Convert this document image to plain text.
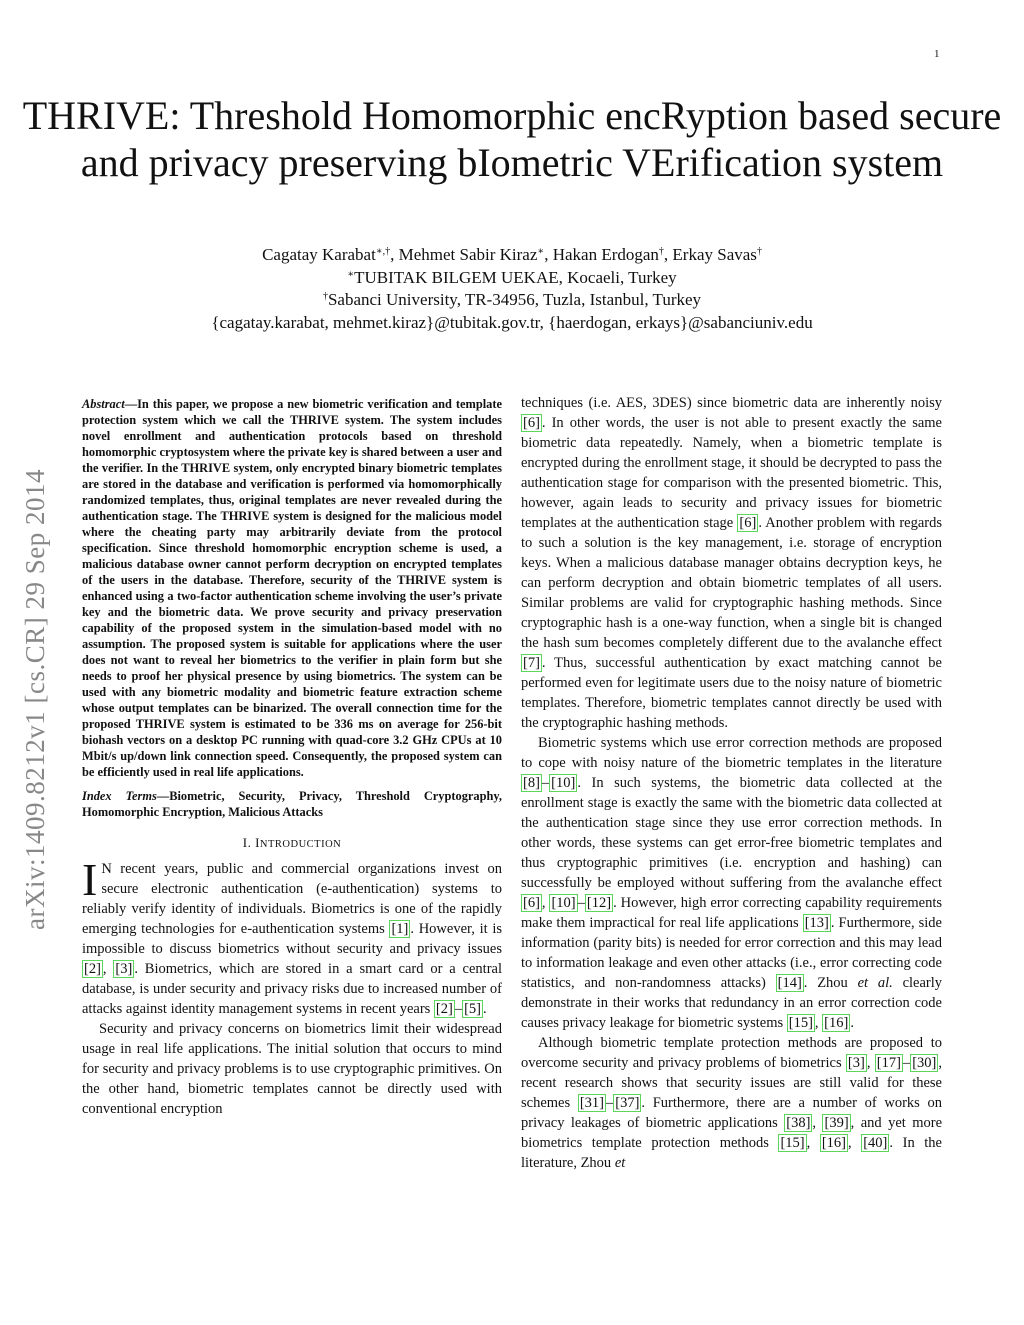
1
THRIVE: Threshold Homomorphic encRyption based secure and privacy preserving bIometric VErification system
Cagatay Karabat∗,†, Mehmet Sabir Kiraz∗, Hakan Erdogan†, Erkay Savas†
∗TUBITAK BILGEM UEKAE, Kocaeli, Turkey
†Sabanci University, TR-34956, Tuzla, Istanbul, Turkey
{cagatay.karabat, mehmet.kiraz}@tubitak.gov.tr, {haerdogan, erkays}@sabanciuniv.edu
arXiv:1409.8212v1 [cs.CR] 29 Sep 2014

Abstract—In this paper, we propose a new biometric verification and template protection system which we call the THRIVE system. The system includes novel enrollment and authentication protocols based on threshold homomorphic cryptosystem where the private key is shared between a user and the verifier. In the THRIVE system, only encrypted binary biometric templates are stored in the database and verification is performed via homomorphically randomized templates, thus, original templates are never revealed during the authentication stage. The THRIVE system is designed for the malicious model where the cheating party may arbitrarily deviate from the protocol specification. Since threshold homomorphic encryption scheme is used, a malicious database owner cannot perform decryption on encrypted templates of the users in the database. Therefore, security of the THRIVE system is enhanced using a two-factor authentication scheme involving the user’s private key and the biometric data. We prove security and privacy preservation capability of the proposed system in the simulation-based model with no assumption. The proposed system is suitable for applications where the user does not want to reveal her biometrics to the verifier in plain form but she needs to proof her physical presence by using biometrics. The system can be used with any biometric modality and biometric feature extraction scheme whose output templates can be binarized. The overall connection time for the proposed THRIVE system is estimated to be 336 ms on average for 256-bit biohash vectors on a desktop PC running with quad-core 3.2 GHz CPUs at 10 Mbit/s up/down link connection speed. Consequently, the proposed system can be efficiently used in real life applications.

Index Terms—Biometric, Security, Privacy, Threshold Cryptography, Homomorphic Encryption, Malicious Attacks
I. INTRODUCTION

I N recent years, public and commercial organizations invest on secure electronic authentication (e-authentication) systems to reliably verify identity of individuals. Biometrics is one of the rapidly emerging technologies for e-authentication systems [1] . However, it is impossible to discuss biometrics without security and privacy issues [2] , [3] . Biometrics, which are stored in a smart card or a central database, is under security and privacy risks due to increased number of attacks against identity management systems in recent years [2] – [5] .

Security and privacy concerns on biometrics limit their widespread usage in real life applications. The initial solution that occurs to mind for security and privacy problems is to use cryptographic primitives. On the other hand, biometric templates cannot be directly used with conventional encryption

techniques (i.e. AES, 3DES) since biometric data are inherently noisy [6] . In other words, the user is not able to present exactly the same biometric data repeatedly. Namely, when a biometric template is encrypted during the enrollment stage, it should be decrypted to pass the authentication stage for comparison with the presented biometric. This, however, again leads to security and privacy issues for biometric templates at the authentication stage [6] . Another problem with regards to such a solution is the key management, i.e. storage of encryption keys. When a malicious database manager obtains decryption keys, he can perform decryption and obtain biometric templates of all users. Similar problems are valid for cryptographic hashing methods. Since cryptographic hash is a one-way function, when a single bit is changed the hash sum becomes completely different due to the avalanche effect [7] . Thus, successful authentication by exact matching cannot be performed even for legitimate users due to the noisy nature of biometric templates. Therefore, biometric templates cannot directly be used with the cryptographic hashing methods.

Biometric systems which use error correction methods are proposed to cope with noisy nature of the biometric templates in the literature [8] – [10] . In such systems, the biometric data collected at the enrollment stage is exactly the same with the biometric data collected at the authentication stage since they use error correction methods. In other words, these systems can get error-free biometric templates and thus cryptographic primitives (i.e. encryption and hashing) can successfully be employed without suffering from the avalanche effect [6] , [10] – [12] . However, high error correcting capability requirements make them impractical for real life applications [13] . Furthermore, side information (parity bits) is needed for error correction and this may lead to information leakage and even other attacks (i.e., error correcting code statistics, and non-randomness attacks) [14] . Zhou et al. clearly demonstrate in their works that redundancy in an error correction code causes privacy leakage for biometric systems [15] , [16] .

Although biometric template protection methods are proposed to overcome security and privacy problems of biometrics [3] , [17] – [30] , recent research shows that security issues are still valid for these schemes [31] – [37] . Furthermore, there are a number of works on privacy leakages of biometric applications [38] , [39] , and yet more biometrics template protection methods [15] , [16] , [40] . In the literature, Zhou et
